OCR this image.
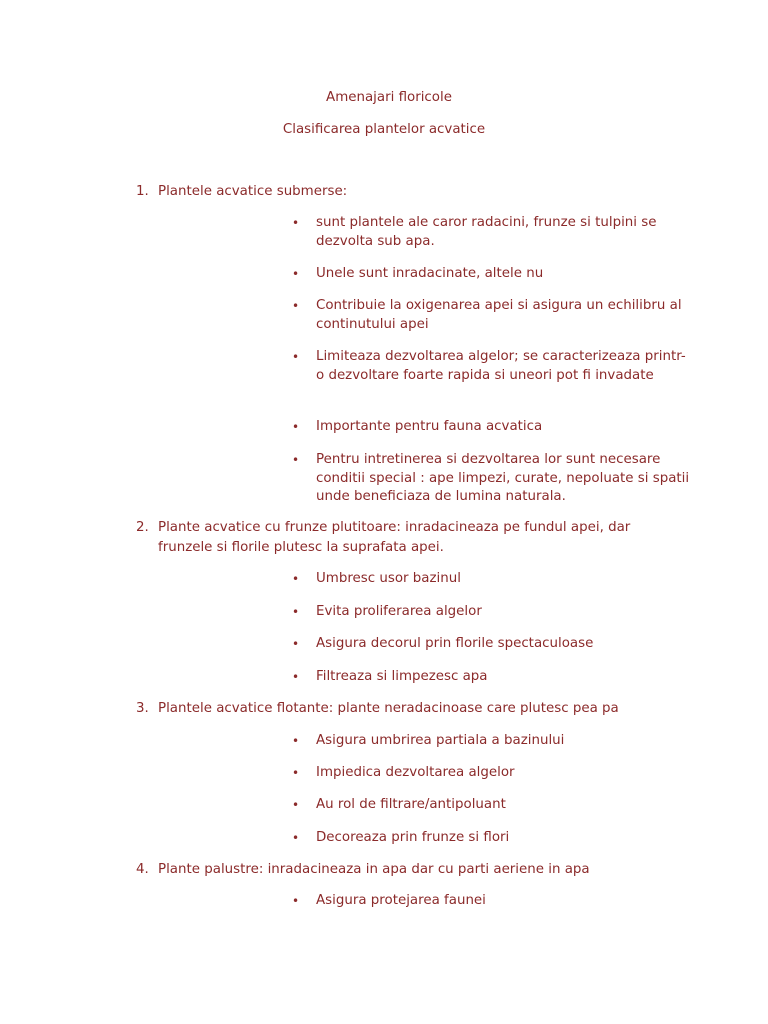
Amenajari floricole
Clasificarea plantelor acvatice
1. Plantele acvatice submerse:
•	sunt plantele ale caror radacini, frunze si tulpini se dezvolta sub apa.
•	Unele sunt inradacinate, altele nu
•	Contribuie la oxigenarea apei si asigura un echilibru al continutului apei
•	Limiteaza dezvoltarea algelor; se caracterizeaza printr-o dezvoltare foarte rapida si uneori pot fi invadate
•	Importante pentru fauna acvatica
•	Pentru intretinerea si dezvoltarea lor sunt necesare conditii special : ape limpezi, curate, nepoluate si spatii unde beneficiaza de lumina naturala.
2. Plante acvatice cu frunze plutitoare: inradacineaza pe fundul apei, dar frunzele si florile plutesc la suprafata apei.
•	Umbresc usor bazinul
•	Evita proliferarea algelor
•	Asigura decorul prin florile spectaculoase
•	Filtreaza si limpezesc apa
3. Plantele acvatice flotante: plante neradacinoase care plutesc pea pa
•	Asigura umbrirea partiala a bazinului
•	Impiedica dezvoltarea algelor
•	Au rol de filtrare/antipoluant
•	Decoreaza prin frunze si flori
4. Plante palustre: inradacineaza in apa dar cu parti aeriene in apa
•	Asigura protejarea faunei
